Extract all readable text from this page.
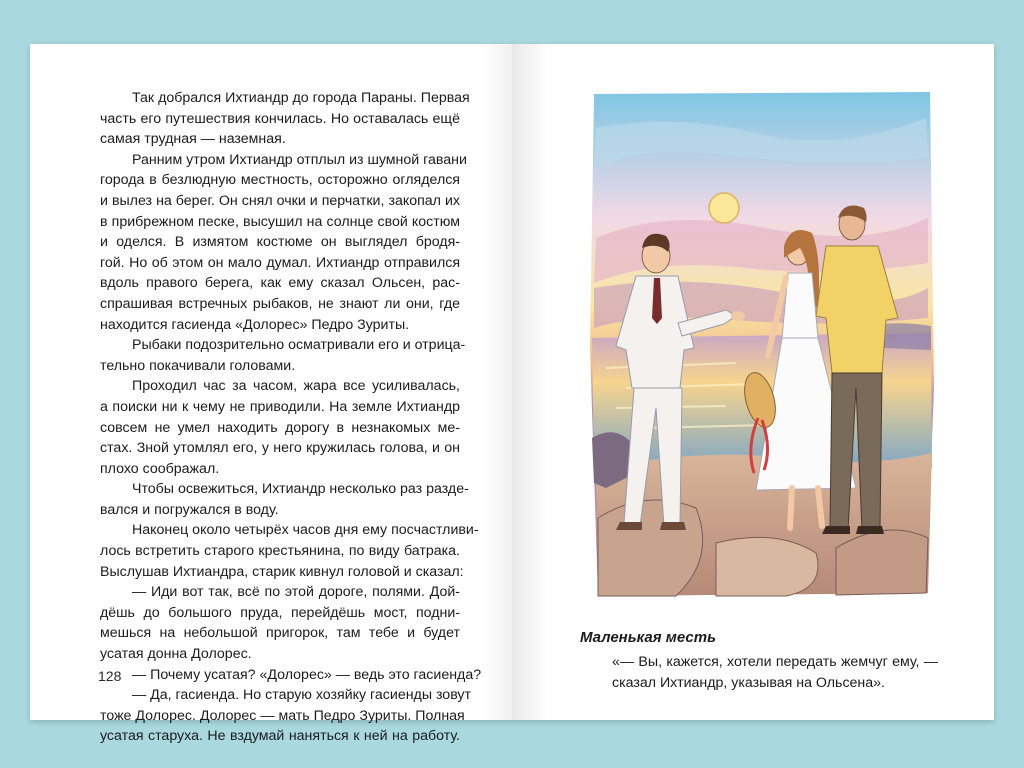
Так добрался Ихтиандр до города Параны. Первая
часть его путешествия кончилась. Но оставалась ещё
самая трудная — наземная.
Ранним утром Ихтиандр отплыл из шумной гавани
города в безлюдную местность, осторожно огляделся
и вылез на берег. Он снял очки и перчатки, закопал их
в прибрежном песке, высушил на солнце свой костюм
и оделся. В измятом костюме он выглядел бродя-
гой. Но об этом он мало думал. Ихтиандр отправился
вдоль правого берега, как ему сказал Ольсен, рас-
спрашивая встречных рыбаков, не знают ли они, где
находится гасиенда «Долорес» Педро Зуриты.
Рыбаки подозрительно осматривали его и отрица-
тельно покачивали головами.
Проходил час за часом, жара все усиливалась,
а поиски ни к чему не приводили. На земле Ихтиандр
совсем не умел находить дорогу в незнакомых ме-
стах. Зной утомлял его, у него кружилась голова, и он
плохо соображал.
Чтобы освежиться, Ихтиандр несколько раз разде-
вался и погружался в воду.
Наконец около четырёх часов дня ему посчастливи-
лось встретить старого крестьянина, по виду батрака.
Выслушав Ихтиандра, старик кивнул головой и сказал:
— Иди вот так, всё по этой дороге, полями. Дой-
дёшь до большого пруда, перейдёшь мост, подни-
мешься на небольшой пригорок, там тебе и будет
усатая донна Долорес.
— Почему усатая? «Долорес» — ведь это гасиенда?
— Да, гасиенда. Но старую хозяйку гасиенды зовут
тоже Долорес. Долорес — мать Педро Зуриты. Полная
усатая старуха. Не вздумай наняться к ней на работу.
128
Маленькая месть
«— Вы, кажется, хотели передать жемчуг ему, —
сказал Ихтиандр, указывая на Ольсена».
